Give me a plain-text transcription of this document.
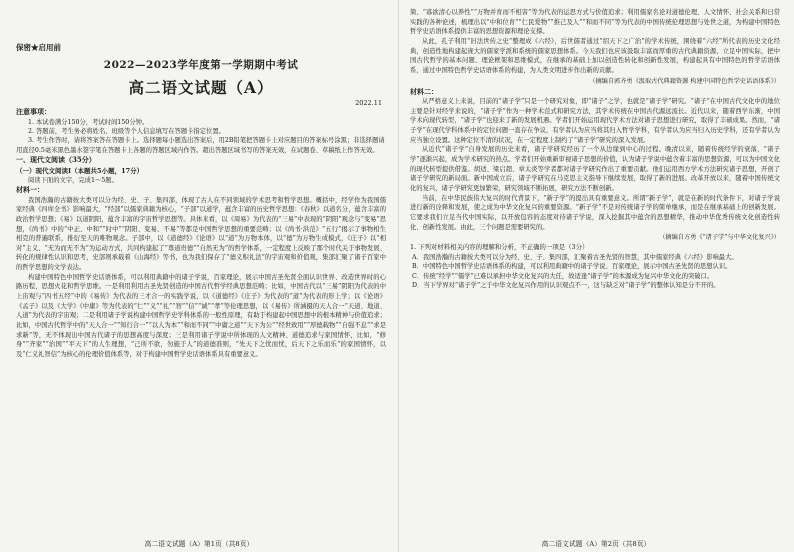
保密★启用前

2022—2023学年度第一学期期中考试

高二语文试题（A）

2022.11

注意事项：

1. 本试卷满分150分，考试时间150分钟。

2. 答题前，考生务必将姓名、班级等个人信息填写在答题卡指定位置。

3. 考生作答时，请将答案答在答题卡上。选择题每小题选出答案后，用2B铅笔把答题卡上对应题目的答案标号涂黑；非选择题请用直径0.5毫米黑色墨水签字笔在答题卡上各题的答题区域内作答。超出答题区域书写的答案无效，在试题卷、草稿纸上作答无效。

一、现代文阅读（35分）

（一）现代文阅读Ⅰ（本题共5小题，17分）

阅读下面的文字，完成1～5题。

材料一：

我国浩瀚的古籍按大类可以分为经、史、子、集四部，体现了古人在不同领域的学术思考和哲学思想。概括中，经学作为我国儒家经典《四库全书》影响最大，“经部”以儒家典籍为核心，“子部”以道学，蕴含丰富的历史哲学思想：《春秋》以道名分，蕴含丰富的政治哲学思想；《易》以道阴阳，蕴含丰富的宇宙哲学思想等。具体来看，以《周易》为代表的“三易”中表现的“阴阳”观念与“变易”思想，《尚书》中的“中正、中和”“时中”“阴阳、变易、不易”等都是中国哲学思想的重要范畴；以《尚书·洪范》“五行”揭示了事物相生相克的普遍联系，推衍至天的唯物观念。子部中，以《道德经》《论语》以“道”为万物本体，以“德”为万物生成模式，《庄子》以“相对”主义、“无为而无不为”为运动方式，共同构建起了“尊道贵德”“自然无为”的哲学体系，一定程度上反映了那个时代关于事物发展、转化的规律性认识和思考，史部则承载着《山海经》等书，也为我们保存了“德义积礼法”的宇宙观和价值观，集部汇聚了诸子百家中的哲学思想的文学表达。

构建中国特色中国哲学史话语体系，可以利用典籍中的诸子学说，百家理论，展示中国古圣先贤全面认识世界、改造世界时的心路历程、思想火花和哲学思维。一是利用利用古圣先贤创造的中国古代哲学经典思想范畴；比如，中国古代以“三易”阴阳为代表的中上宙观与“四书五经”中的《易传》为代表的三才合一的实践学说，以《道德经》《庄子》为代表的“道”为代表的形上学；以《论语》《孟子》以及《大学》《中庸》等为代表的“仁”“义”“礼”“智”“信”“诚”“孝”等伦理思想，以《易传》所涵摄的天人合一“天道、地道、人道”为代表的宇宙观；二是利用诸子学说构建中国哲学史学科体系的一般性原理，有助于构建起中国思想中的根本精神与价值追求；比如，中国古代哲学中的“天人合一”“知行合一”“以人为本”“和而不同”“中庸之道”“天下为公”“经世致用”“厚德载物”“自强不息”“求是求新”等，无不体现出中国古代诸子的思想高度与深度；三是利用诸子学说中所体现的人文精神、道德追求与家国情怀，比如，“修身”“齐家”“治国”“平天下”的人生理想，“己所不欲，勿施于人”的道德准则，“先天下之忧而忧，后天下之乐而乐”的家国情怀，以及“仁义礼智信”为核心的伦理价值体系等，对于构建中国哲学史话语体系具有重要意义。

高二语文试题（A）第1页（共8页）

简、“寡欲清心以养性”“万物并育而不相害”等为代表的运思方式与价值追求；利用儒家名论对道德伦理、人文情怀、社会关系和日常实践的各种论述，梳理出以“中和位育”“仁民爱物”“推己及人”“和而不同”等为代表的中国传统伦理思想与处世之道，为构建中国特色哲学史话语体系提供丰富的思想资源和理论支撑。

从此，孔子利用“旧法世传之史”整理成《六经》，后世儒者通过“绍天下之广治”的学术传统，围绕着“六经”所代表的历史文化经典，创造性地构建起庞大的儒家学派和系统的儒家思想体系。今天我们也应该汲取丰富而厚重的古代典籍资源，立足中国实际，把中国古代哲学的基本问题、理论框架和思维模式，在继承的基础上加以创造性转化和创新性发展，构建起具有中国特色的哲学话语体系，通过中国特色哲学史话语体系的构建，为人类文明进步作出新的贡献。

（摘编自郭齐勇《汲取古代典籍资源 构建中国特色哲学史话语体系》）

材料二：

从严格意义上来说，目前的“诸子学”只是一个研究对象，即“诸子”之学，也就是“诸子学”研究。“诸子”在中国古代文化中的地位主要是针对经学来说的，“诸子学”作为一种学术范式和研究方法，其学术传统在中国古代源远流长。近代以来，随着西学东渐，中国学术向现代转型，“诸子学”也迎来了新的发展机遇。学者们开始运用现代学术方法对诸子思想进行研究，取得了丰硕成果。然而，“诸子学”在现代学科体系中的定位问题一直存在争议，有学者认为应当将其归入哲学学科，有学者认为应当归入历史学科，还有学者认为应当独立设置。这种定位不清的状况，在一定程度上制约了“诸子学”研究的深入发展。

从近代“诸子学”自身发展的历史来看，诸子学研究经历了一个从边缘到中心的过程。晚清以来，随着传统经学的衰落，“诸子学”逐渐兴起，成为学术研究的热点。学者们开始重新审视诸子思想的价值，认为诸子学说中蕴含着丰富的思想资源，可以为中国文化的现代转型提供借鉴。胡适、梁启超、章太炎等学者都对诸子学研究作出了重要贡献。他们运用西方学术方法研究诸子思想，开创了诸子学研究的新局面。新中国成立后，诸子学研究在马克思主义指导下继续发展，取得了新的进展。改革开放以来，随着中国传统文化的复兴，诸子学研究更加繁荣，研究领域不断拓展，研究方法不断创新。

当前，在中华民族伟大复兴的时代背景下，“新子学”的提出具有重要意义。所谓“新子学”，就是在新的时代条件下，对诸子学说进行新的诠释和发展，使之成为中华文化复兴的重要资源。“新子学”不是对传统诸子学的简单继承，而是在继承基础上的创新发展。它要求我们立足当代中国实际，以开放包容的态度对待诸子学说，深入挖掘其中蕴含的思想精华，推动中华优秀传统文化创造性转化、创新性发展。由此，三个问题是需要研究的。

（摘编自方勇《“诸子学”与中华文化复兴》）

1. 下列对材料相关内容的理解和分析，不正确的一项是（3分）

A．我国浩瀚的古籍按大类可以分为经、史、子、集四部，汇聚着古圣先贤的智慧，其中儒家经典《六经》影响最大。

B．中国特色中国哲学史话语体系的构建，可以利用典籍中的诸子学说、百家理论，展示中国古圣先贤的思想认识。

C．传统“经学”“儒学”已难以承担中华文化复兴的大任，故适逢“诸子学”的本源成为复兴中华文化的突破口。

D．当下学界对“诸子学”之于中华文化复兴作用的认识观点不一，这与缺乏对“诸子学”的整体认知是分不开的。

高二语文试题（A）第2页（共8页）
